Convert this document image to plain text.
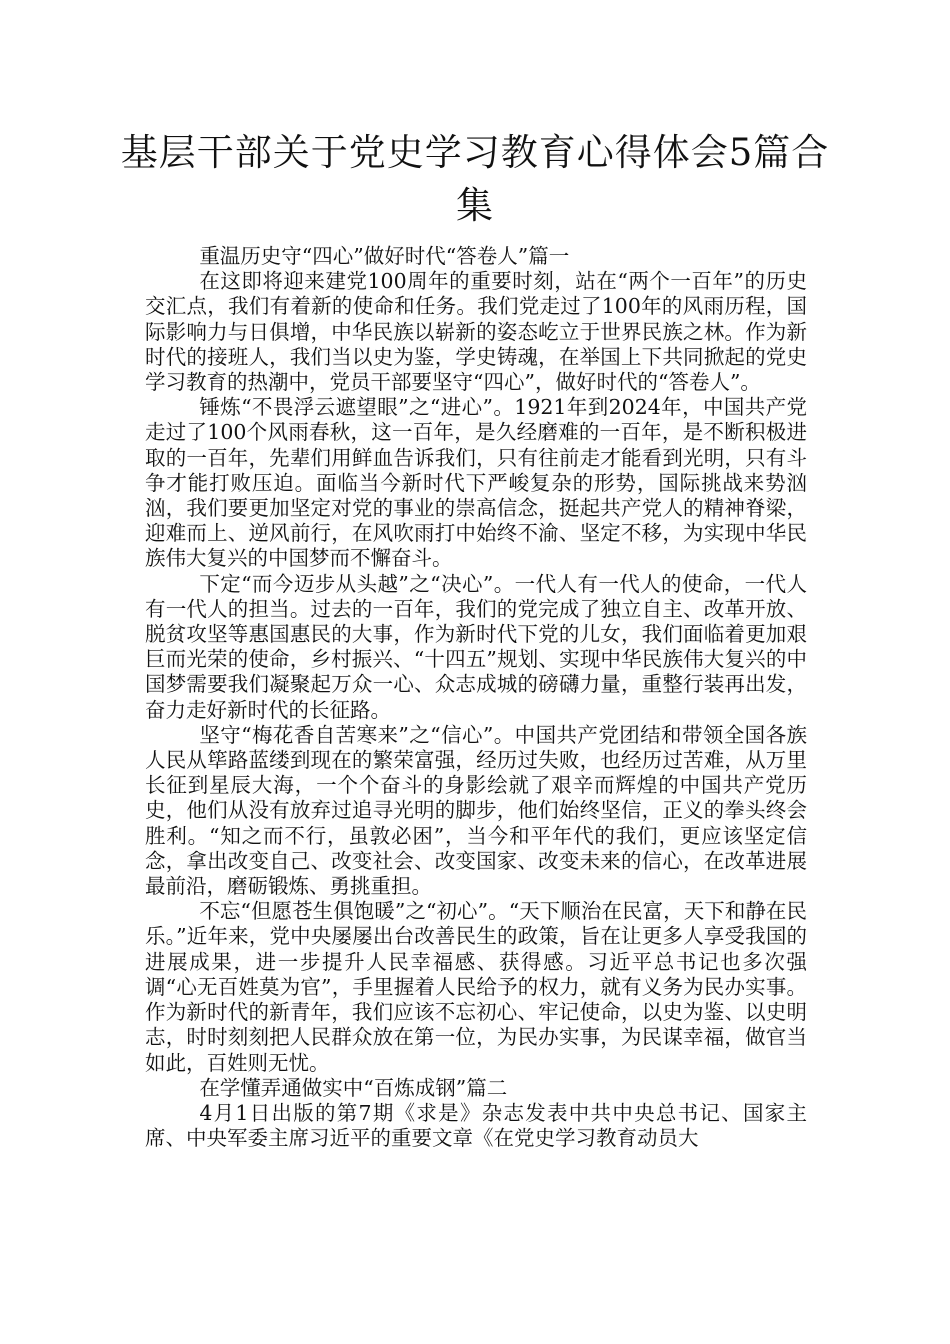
基层干部关于党史学习教育心得体会5篇合集

重温历史守“四心”做好时代“答卷人”篇一

在这即将迎来建党100周年的重要时刻，站在“两个一百年”的历史交汇点，我们有着新的使命和任务。我们党走过了100年的风雨历程，国际影响力与日俱增，中华民族以崭新的姿态屹立于世界民族之林。作为新时代的接班人，我们当以史为鉴，学史铸魂，在举国上下共同掀起的党史学习教育的热潮中，党员干部要坚守“四心”，做好时代的“答卷人”。

锤炼“不畏浮云遮望眼”之“进心”。1921年到2024年，中国共产党走过了100个风雨春秋，这一百年，是久经磨难的一百年，是不断积极进取的一百年，先辈们用鲜血告诉我们，只有往前走才能看到光明，只有斗争才能打败压迫。面临当今新时代下严峻复杂的形势，国际挑战来势汹汹，我们要更加坚定对党的事业的崇高信念，挺起共产党人的精神脊梁，迎难而上、逆风前行，在风吹雨打中始终不渝、坚定不移，为实现中华民族伟大复兴的中国梦而不懈奋斗。

下定“而今迈步从头越”之“决心”。一代人有一代人的使命，一代人有一代人的担当。过去的一百年，我们的党完成了独立自主、改革开放、脱贫攻坚等惠国惠民的大事，作为新时代下党的儿女，我们面临着更加艰巨而光荣的使命，乡村振兴、“十四五”规划、实现中华民族伟大复兴的中国梦需要我们凝聚起万众一心、众志成城的磅礴力量，重整行装再出发，奋力走好新时代的长征路。

坚守“梅花香自苦寒来”之“信心”。中国共产党团结和带领全国各族人民从筚路蓝缕到现在的繁荣富强，经历过失败，也经历过苦难，从万里长征到星辰大海，一个个奋斗的身影绘就了艰辛而辉煌的中国共产党历史，他们从没有放弃过追寻光明的脚步，他们始终坚信，正义的拳头终会胜利。“知之而不行，虽敦必困”，当今和平年代的我们，更应该坚定信念，拿出改变自己、改变社会、改变国家、改变未来的信心，在改革进展最前沿，磨砺锻炼、勇挑重担。

不忘“但愿苍生俱饱暖”之“初心”。“天下顺治在民富，天下和静在民乐。”近年来，党中央屡屡出台改善民生的政策，旨在让更多人享受我国的进展成果，进一步提升人民幸福感、获得感。习近平总书记也多次强调“心无百姓莫为官”，手里握着人民给予的权力，就有义务为民办实事。作为新时代的新青年，我们应该不忘初心、牢记使命，以史为鉴、以史明志，时时刻刻把人民群众放在第一位，为民办实事，为民谋幸福，做官当如此，百姓则无忧。

在学懂弄通做实中“百炼成钢”篇二

4月1日出版的第7期《求是》杂志发表中共中央总书记、国家主席、中央军委主席习近平的重要文章《在党史学习教育动员大
